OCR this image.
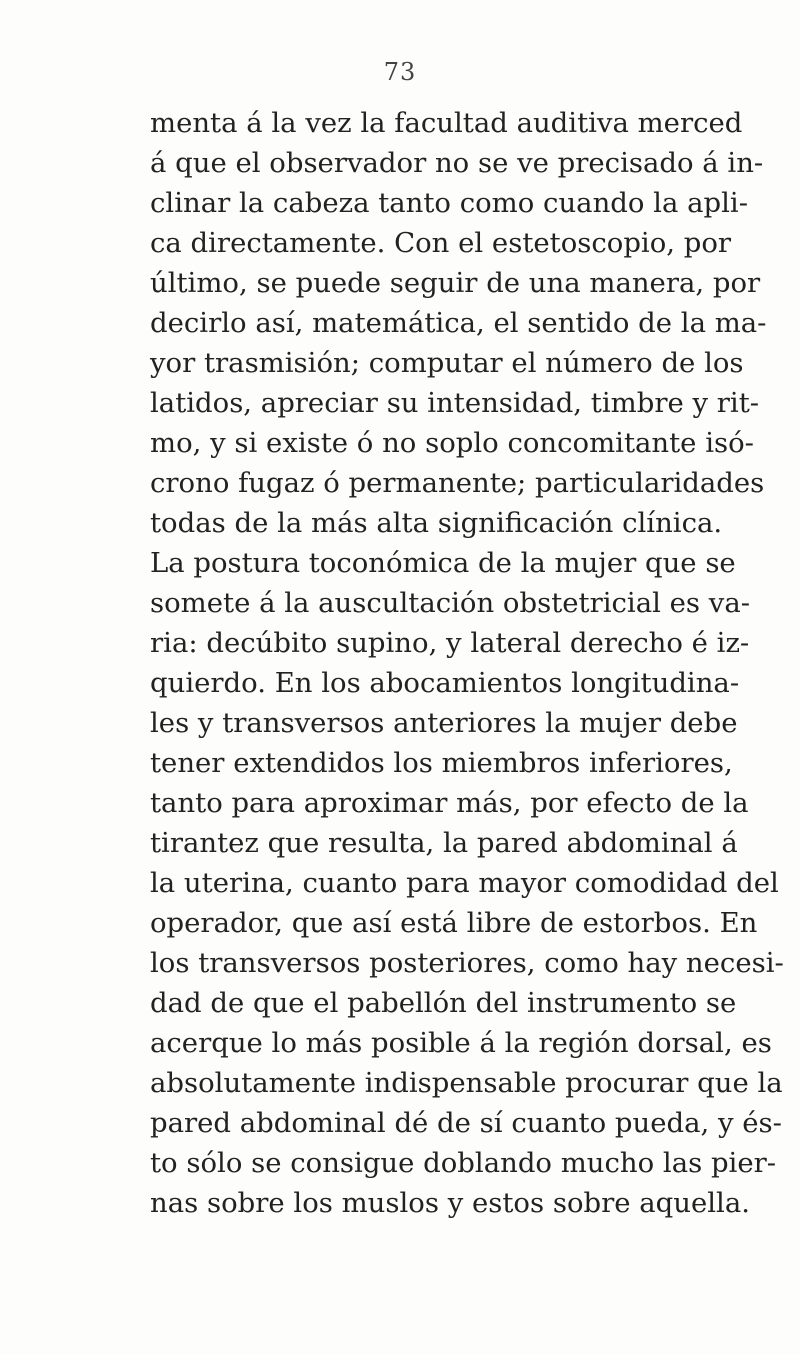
73
menta á la vez la facultad auditiva merced
á que el observador no se ve precisado á in-
clinar la cabeza tanto como cuando la apli-
ca directamente. Con el estetoscopio, por
último, se puede seguir de una manera, por
decirlo así, matemática, el sentido de la ma-
yor trasmisión; computar el número de los
latidos, apreciar su intensidad, timbre y rit-
mo, y si existe ó no soplo concomitante isó-
crono fugaz ó permanente; particularidades
todas de la más alta significación clínica.
La postura toconómica de la mujer que se
somete á la auscultación obstetricial es va-
ria: decúbito supino, y lateral derecho é iz-
quierdo. En los abocamientos longitudina-
les y transversos anteriores la mujer debe
tener extendidos los miembros inferiores,
tanto para aproximar más, por efecto de la
tirantez que resulta, la pared abdominal á
la uterina, cuanto para mayor comodidad del
operador, que así está libre de estorbos. En
los transversos posteriores, como hay necesi-
dad de que el pabellón del instrumento se
acerque lo más posible á la región dorsal, es
absolutamente indispensable procurar que la
pared abdominal dé de sí cuanto pueda, y és-
to sólo se consigue doblando mucho las pier-
nas sobre los muslos y estos sobre aquella.
